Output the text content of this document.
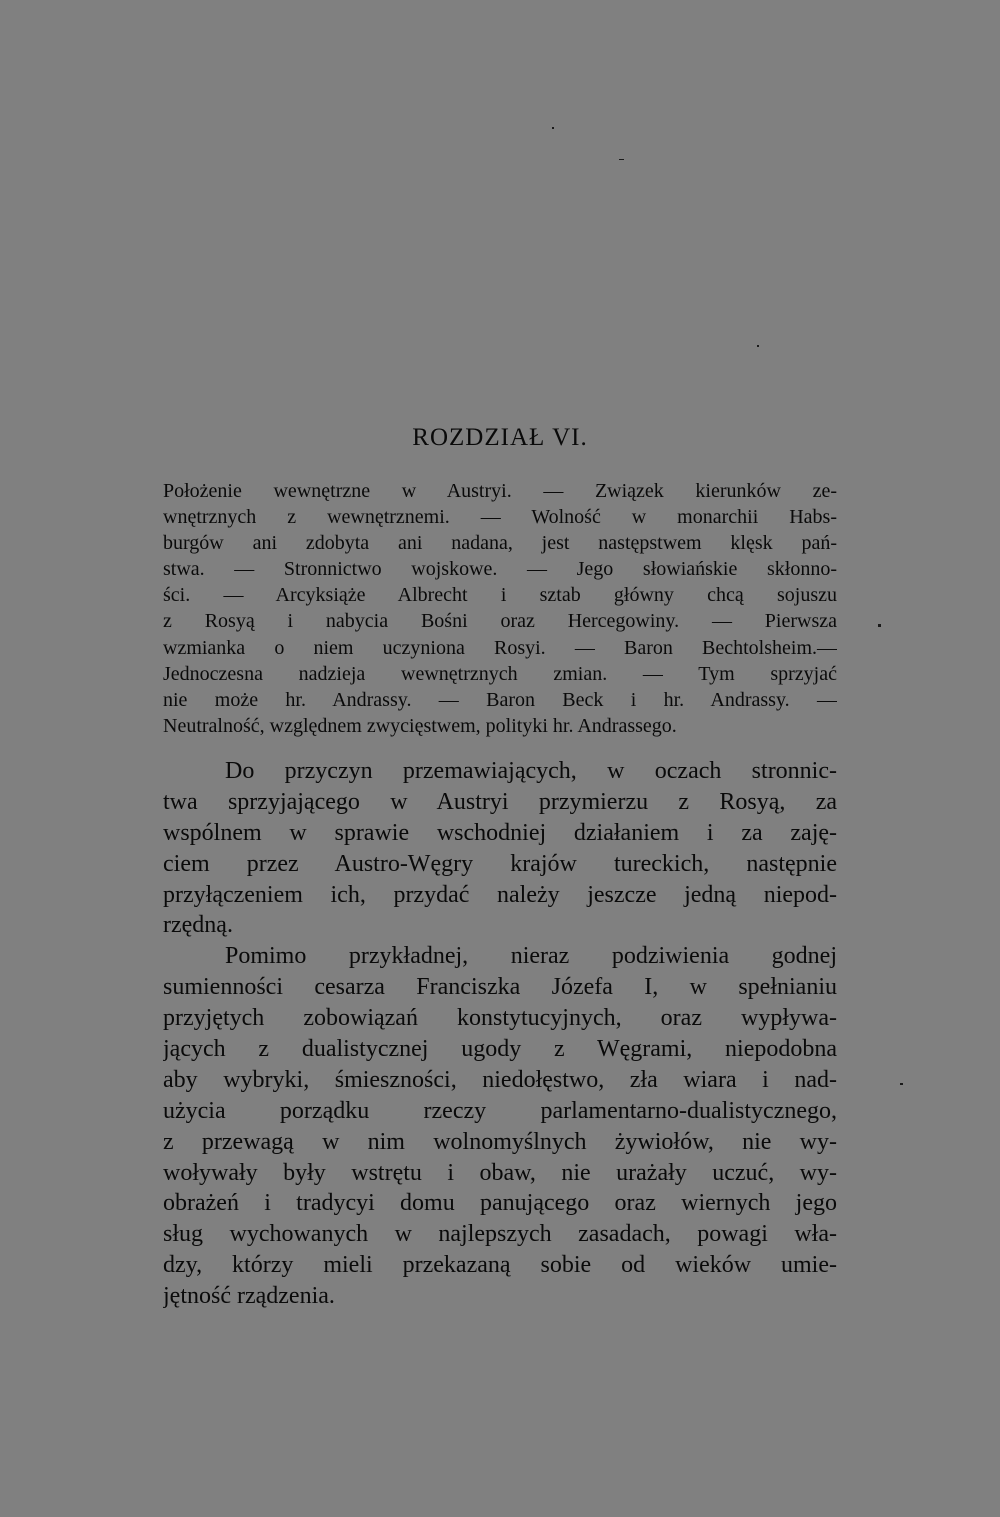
ROZDZIAŁ VI.
Położenie wewnętrzne w Austryi. — Związek kierunków ze-
wnętrznych z wewnętrznemi. — Wolność w monarchii Habs-
burgów ani zdobyta ani nadana, jest następstwem klęsk pań-
stwa. — Stronnictwo wojskowe. — Jego słowiańskie skłonno-
ści. — Arcyksiąże Albrecht i sztab główny chcą sojuszu
z Rosyą i nabycia Bośni oraz Hercegowiny. — Pierwsza
wzmianka o niem uczyniona Rosyi. — Baron Bechtolsheim.—
Jednoczesna nadzieja wewnętrznych zmian. — Tym sprzyjać
nie może hr. Andrassy. — Baron Beck i hr. Andrassy. —
Neutralność, względnem zwycięstwem, polityki hr. Andrassego.
Do przyczyn przemawiających, w oczach stronnic-
twa sprzyjającego w Austryi przymierzu z Rosyą, za
wspólnem w sprawie wschodniej działaniem i za zaję-
ciem przez Austro-Węgry krajów tureckich, następnie
przyłączeniem ich, przydać należy jeszcze jedną niepod-
rzędną.
Pomimo przykładnej, nieraz podziwienia godnej
sumienności cesarza Franciszka Józefa I, w spełnianiu
przyjętych zobowiązań konstytucyjnych, oraz wypływa-
jących z dualistycznej ugody z Węgrami, niepodobna
aby wybryki, śmieszności, niedołęstwo, zła wiara i nad-
użycia porządku rzeczy parlamentarno-dualistycznego,
z przewagą w nim wolnomyślnych żywiołów, nie wy-
woływały były wstrętu i obaw, nie urażały uczuć, wy-
obrażeń i tradycyi domu panującego oraz wiernych jego
sług wychowanych w najlepszych zasadach, powagi wła-
dzy, którzy mieli przekazaną sobie od wieków umie-
jętność rządzenia.
